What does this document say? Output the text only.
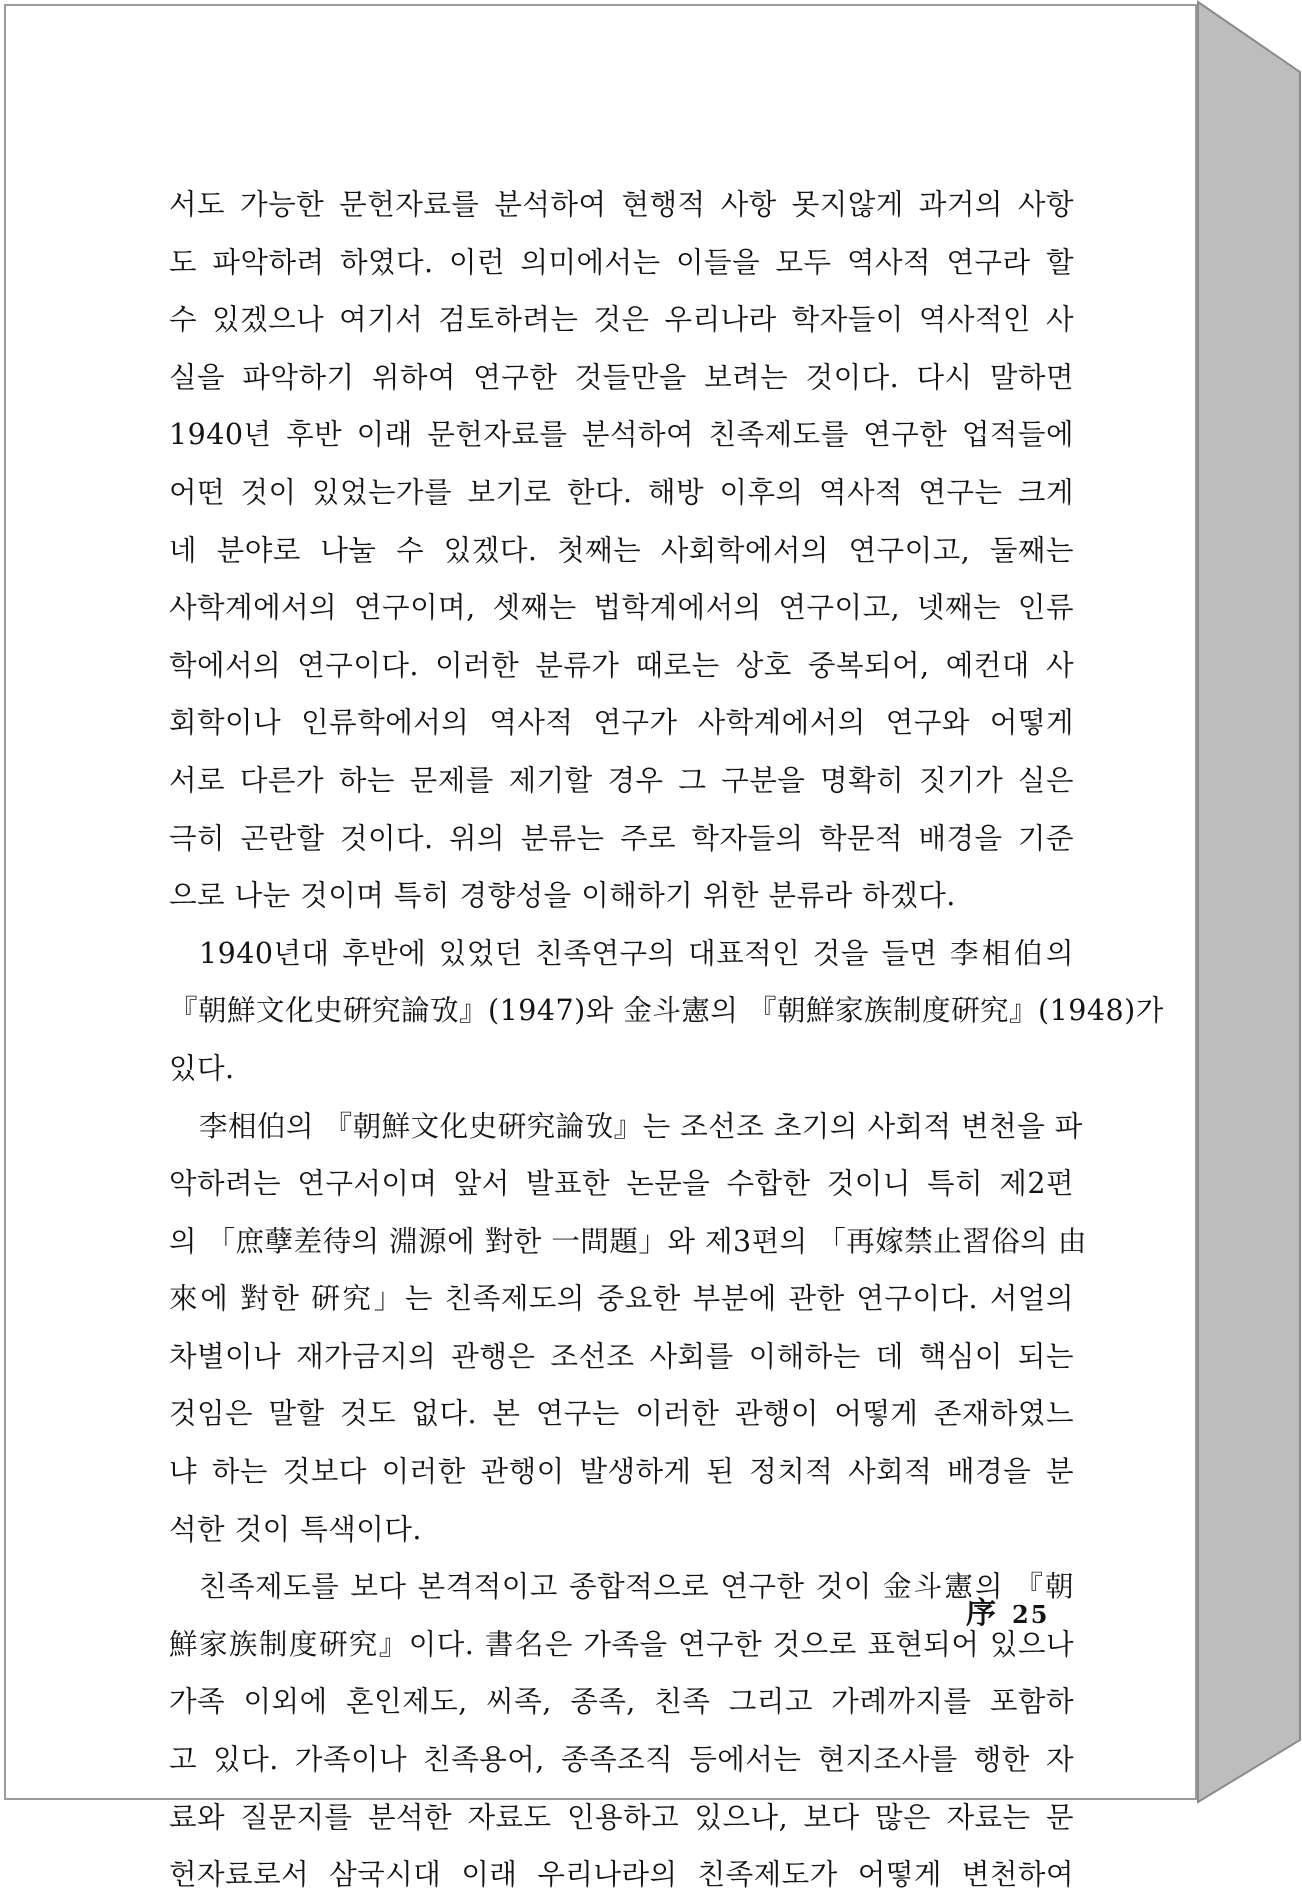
서도 가능한 문헌자료를 분석하여 현행적 사항 못지않게 과거의 사항
도 파악하려 하였다. 이런 의미에서는 이들을 모두 역사적 연구라 할
수 있겠으나 여기서 검토하려는 것은 우리나라 학자들이 역사적인 사
실을 파악하기 위하여 연구한 것들만을 보려는 것이다. 다시 말하면
1940년 후반 이래 문헌자료를 분석하여 친족제도를 연구한 업적들에
어떤 것이 있었는가를 보기로 한다. 해방 이후의 역사적 연구는 크게
네 분야로 나눌 수 있겠다. 첫째는 사회학에서의 연구이고, 둘째는
사학계에서의 연구이며, 셋째는 법학계에서의 연구이고, 넷째는 인류
학에서의 연구이다. 이러한 분류가 때로는 상호 중복되어, 예컨대 사
회학이나 인류학에서의 역사적 연구가 사학계에서의 연구와 어떻게
서로 다른가 하는 문제를 제기할 경우 그 구분을 명확히 짓기가 실은
극히 곤란할 것이다. 위의 분류는 주로 학자들의 학문적 배경을 기준
으로 나눈 것이며 특히 경향성을 이해하기 위한 분류라 하겠다.
1940년대 후반에 있었던 친족연구의 대표적인 것을 들면 李相伯의
『朝鮮文化史硏究論攷』(1947)와 金斗憲의 『朝鮮家族制度硏究』(1948)가
있다.
李相伯의 『朝鮮文化史硏究論攷』는 조선조 초기의 사회적 변천을 파
악하려는 연구서이며 앞서 발표한 논문을 수합한 것이니 특히 제2편
의 「庶孽差待의 淵源에 對한 一問題」와 제3편의 「再嫁禁止習俗의 由
來에 對한 硏究」는 친족제도의 중요한 부분에 관한 연구이다. 서얼의
차별이나 재가금지의 관행은 조선조 사회를 이해하는 데 핵심이 되는
것임은 말할 것도 없다. 본 연구는 이러한 관행이 어떻게 존재하였느
냐 하는 것보다 이러한 관행이 발생하게 된 정치적 사회적 배경을 분
석한 것이 특색이다.
친족제도를 보다 본격적이고 종합적으로 연구한 것이 金斗憲의 『朝
鮮家族制度硏究』이다. 書名은 가족을 연구한 것으로 표현되어 있으나
가족 이외에 혼인제도, 씨족, 종족, 친족 그리고 가례까지를 포함하
고 있다. 가족이나 친족용어, 종족조직 등에서는 현지조사를 행한 자
료와 질문지를 분석한 자료도 인용하고 있으나, 보다 많은 자료는 문
헌자료로서 삼국시대 이래 우리나라의 친족제도가 어떻게 변천하여
序 25
